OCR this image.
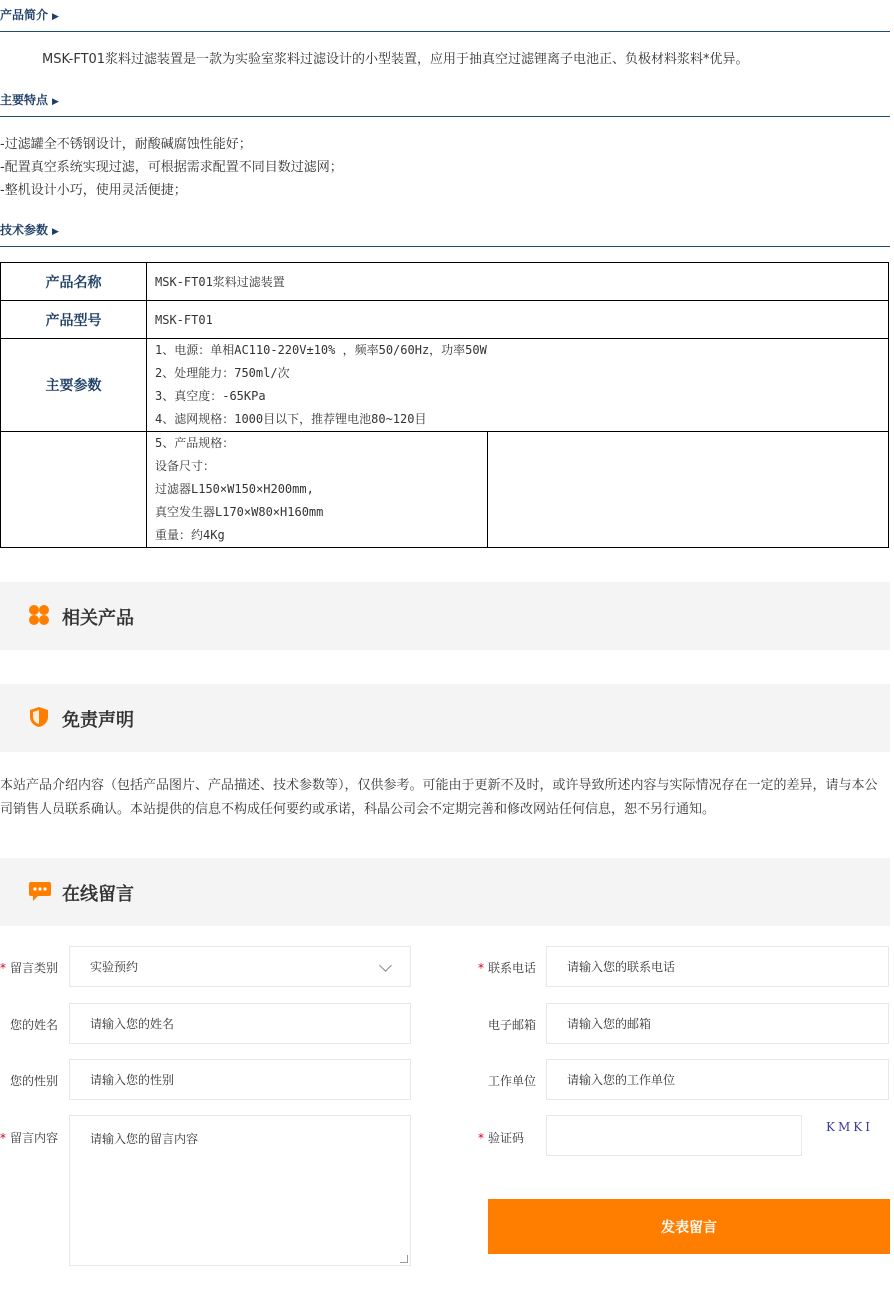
产品简介 ▶
MSK-FT01浆料过滤装置是一款为实验室浆料过滤设计的小型装置，应用于抽真空过滤锂离子电池正、负极材料浆料*优异。
主要特点 ▶
-过滤罐全不锈钢设计，耐酸碱腐蚀性能好；
-配置真空系统实现过滤，可根据需求配置不同目数过滤网；
-整机设计小巧，使用灵活便捷；
技术参数 ▶
产品名称	MSK-FT01浆料过滤装置	
产品型号	MSK-FT01	
主要参数	1、电源：单相AC110-220V±10% ，频率50/60Hz，功率50W
2、处理能力：750ml/次
3、真空度：-65KPa
4、滤网规格：1000目以下，推荐锂电池80~120目	

	5、产品规格：
设备尺寸：
过滤器L150×W150×H200mm,
真空发生器L170×W80×H160mm
重量：约4Kg	

相关产品
免责声明
本站产品介绍内容（包括产品图片、产品描述、技术参数等），仅供参考。可能由于更新不及时，或许导致所述内容与实际情况存在一定的差异，请与本公司销售人员联系确认。本站提供的信息不构成任何要约或承诺，科晶公司会不定期完善和修改网站任何信息，恕不另行通知。
在线留言
* 留言类别	实验预约
您的姓名	请输入您的姓名
您的性别	请输入您的性别
* 留言内容	请输入您的留言内容
* 联系电话	请输入您的联系电话
电子邮箱	请输入您的邮箱
工作单位	请输入您的工作单位
* 验证码
KMKI
发表留言
